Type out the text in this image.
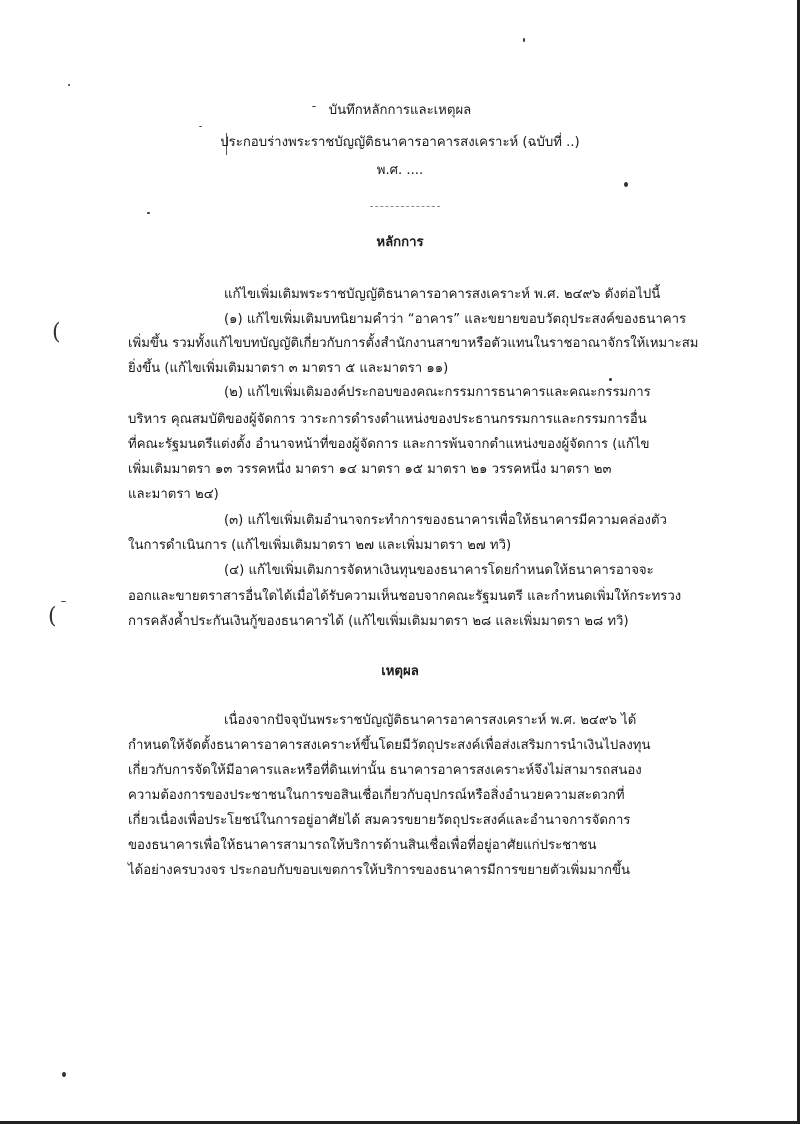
บันทึกหลักการและเหตุผล
ประกอบร่างพระราชบัญญัติธนาคารอาคารสงเคราะห์ (ฉบับที่ ..)
พ.ศ. ....
หลักการ
แก้ไขเพิ่มเติมพระราชบัญญัติธนาคารอาคารสงเคราะห์ พ.ศ. ๒๔๙๖ ดังต่อไปนี้
(๑) แก้ไขเพิ่มเติมบทนิยามคำว่า “อาคาร” และขยายขอบวัตถุประสงค์ของธนาคาร
เพิ่มขึ้น รวมทั้งแก้ไขบทบัญญัติเกี่ยวกับการตั้งสำนักงานสาขาหรือตัวแทนในราชอาณาจักรให้เหมาะสม
ยิ่งขึ้น (แก้ไขเพิ่มเติมมาตรา ๓ มาตรา ๕ และมาตรา ๑๑)
(๒) แก้ไขเพิ่มเติมองค์ประกอบของคณะกรรมการธนาคารและคณะกรรมการ
บริหาร คุณสมบัติของผู้จัดการ วาระการดำรงตำแหน่งของประธานกรรมการและกรรมการอื่น
ที่คณะรัฐมนตรีแต่งตั้ง อำนาจหน้าที่ของผู้จัดการ และการพ้นจากตำแหน่งของผู้จัดการ (แก้ไข
เพิ่มเติมมาตรา ๑๓ วรรคหนึ่ง มาตรา ๑๔ มาตรา ๑๕ มาตรา ๒๑ วรรคหนึ่ง มาตรา ๒๓
และมาตรา ๒๔)
(๓) แก้ไขเพิ่มเติมอำนาจกระทำการของธนาคารเพื่อให้ธนาคารมีความคล่องตัว
ในการดำเนินการ (แก้ไขเพิ่มเติมมาตรา ๒๗ และเพิ่มมาตรา ๒๗ ทวิ)
(๔) แก้ไขเพิ่มเติมการจัดหาเงินทุนของธนาคารโดยกำหนดให้ธนาคารอาจจะ
ออกและขายตราสารอื่นใดได้เมื่อได้รับความเห็นชอบจากคณะรัฐมนตรี และกำหนดเพิ่มให้กระทรวง
การคลังค้ำประกันเงินกู้ของธนาคารได้ (แก้ไขเพิ่มเติมมาตรา ๒๘ และเพิ่มมาตรา ๒๘ ทวิ)
เหตุผล
เนื่องจากปัจจุบันพระราชบัญญัติธนาคารอาคารสงเคราะห์ พ.ศ. ๒๔๙๖ ได้
กำหนดให้จัดตั้งธนาคารอาคารสงเคราะห์ขึ้นโดยมีวัตถุประสงค์เพื่อส่งเสริมการนำเงินไปลงทุน
เกี่ยวกับการจัดให้มีอาคารและหรือที่ดินเท่านั้น ธนาคารอาคารสงเคราะห์จึงไม่สามารถสนอง
ความต้องการของประชาชนในการขอสินเชื่อเกี่ยวกับอุปกรณ์หรือสิ่งอำนวยความสะดวกที่
เกี่ยวเนื่องเพื่อประโยชน์ในการอยู่อาศัยได้ สมควรขยายวัตถุประสงค์และอำนาจการจัดการ
ของธนาคารเพื่อให้ธนาคารสามารถให้บริการด้านสินเชื่อเพื่อที่อยู่อาศัยแก่ประชาชน
ได้อย่างครบวงจร ประกอบกับขอบเขตการให้บริการของธนาคารมีการขยายตัวเพิ่มมากขึ้น
(
(
